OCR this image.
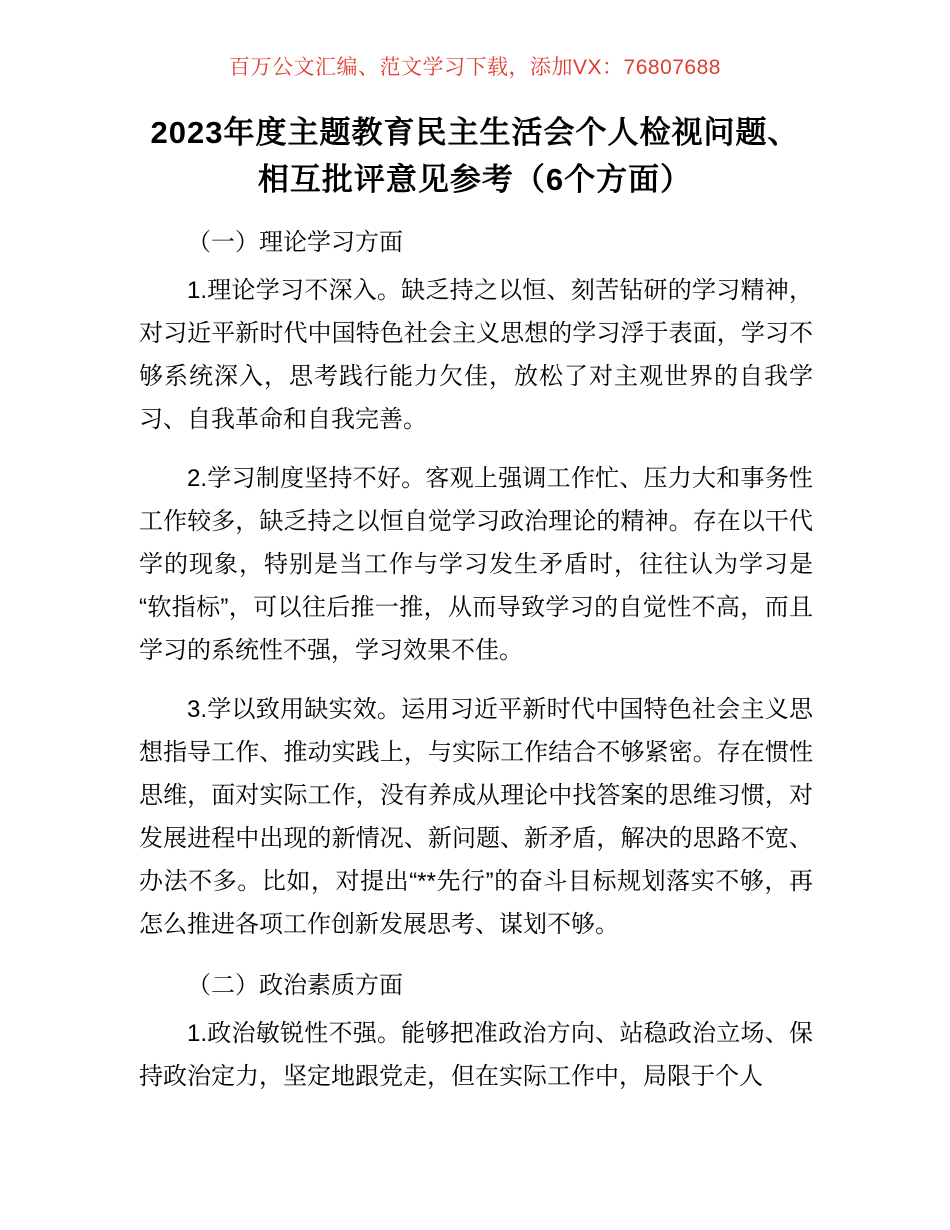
百万公文汇编、范文学习下载，添加VX：76807688
2023年度主题教育民主生活会个人检视问题、
相互批评意见参考（6个方面）

（一）理论学习方面

1.理论学习不深入。缺乏持之以恒、刻苦钻研的学习精神，对习近平新时代中国特色社会主义思想的学习浮于表面，学习不够系统深入，思考践行能力欠佳，放松了对主观世界的自我学习、自我革命和自我完善。

2.学习制度坚持不好。客观上强调工作忙、压力大和事务性工作较多，缺乏持之以恒自觉学习政治理论的精神。存在以干代学的现象，特别是当工作与学习发生矛盾时，往往认为学习是“软指标”，可以往后推一推，从而导致学习的自觉性不高，而且学习的系统性不强，学习效果不佳。

3.学以致用缺实效。运用习近平新时代中国特色社会主义思想指导工作、推动实践上，与实际工作结合不够紧密。存在惯性思维，面对实际工作，没有养成从理论中找答案的思维习惯，对发展进程中出现的新情况、新问题、新矛盾，解决的思路不宽、办法不多。比如，对提出“**先行”的奋斗目标规划落实不够，再怎么推进各项工作创新发展思考、谋划不够。

（二）政治素质方面

1.政治敏锐性不强。能够把准政治方向、站稳政治立场、保持政治定力，坚定地跟党走，但在实际工作中，局限于个人
